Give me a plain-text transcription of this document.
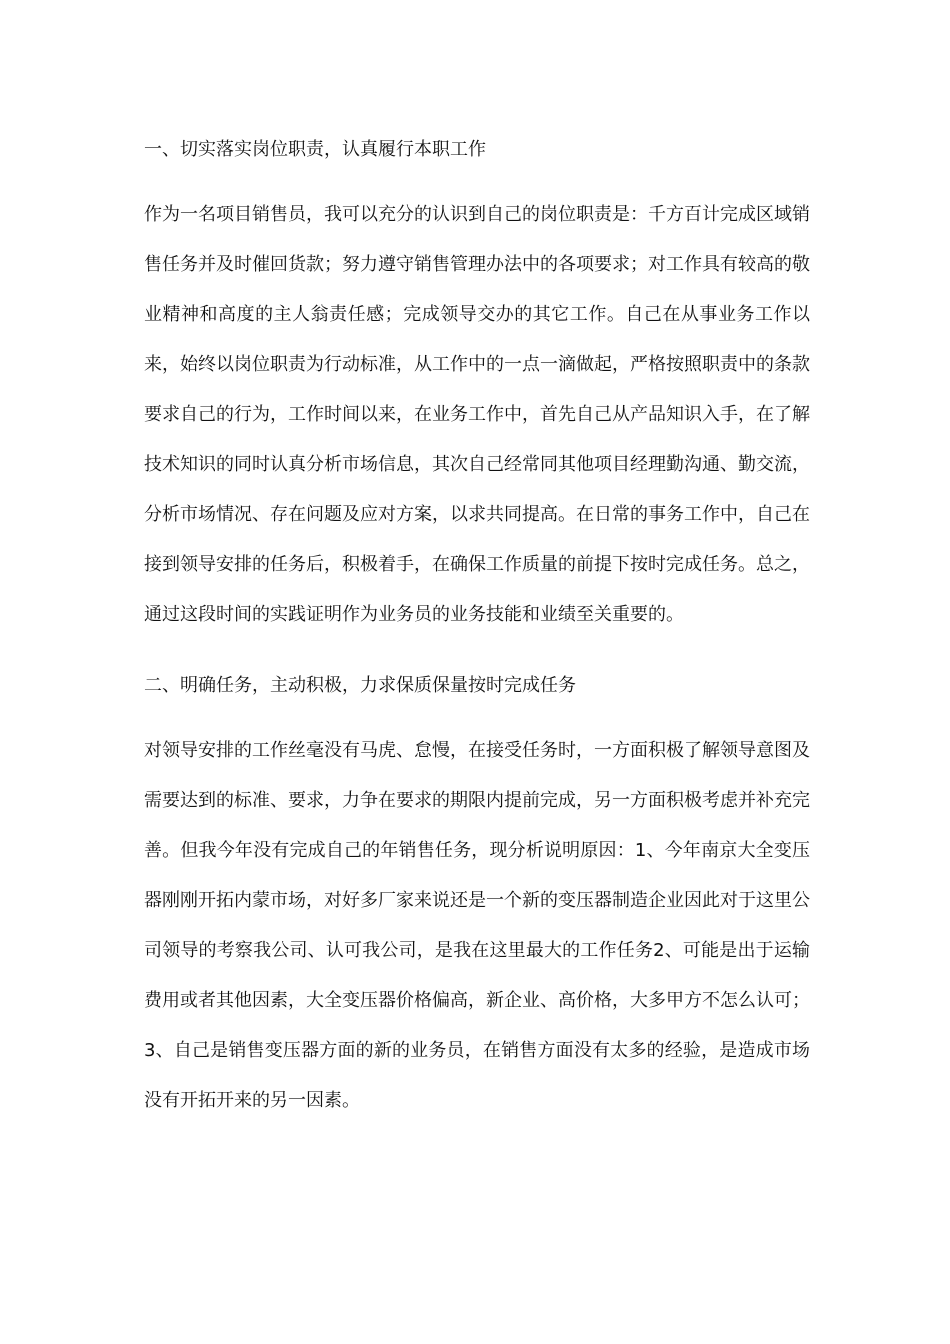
一、切实落实岗位职责，认真履行本职工作

作为一名项目销售员，我可以充分的认识到自己的岗位职责是：千方百计完成区域销售任务并及时催回货款；努力遵守销售管理办法中的各项要求；对工作具有较高的敬业精神和高度的主人翁责任感；完成领导交办的其它工作。自己在从事业务工作以来，始终以岗位职责为行动标准，从工作中的一点一滴做起，严格按照职责中的条款要求自己的行为，工作时间以来，在业务工作中，首先自己从产品知识入手，在了解技术知识的同时认真分析市场信息，其次自己经常同其他项目经理勤沟通、勤交流，分析市场情况、存在问题及应对方案，以求共同提高。在日常的事务工作中，自己在接到领导安排的任务后，积极着手，在确保工作质量的前提下按时完成任务。总之，通过这段时间的实践证明作为业务员的业务技能和业绩至关重要的。

二、明确任务，主动积极，力求保质保量按时完成任务

对领导安排的工作丝毫没有马虎、怠慢，在接受任务时，一方面积极了解领导意图及需要达到的标准、要求，力争在要求的期限内提前完成，另一方面积极考虑并补充完善。但我今年没有完成自己的年销售任务，现分析说明原因：1、今年南京大全变压器刚刚开拓内蒙市场，对好多厂家来说还是一个新的变压器制造企业因此对于这里公司领导的考察我公司、认可我公司，是我在这里最大的工作任务2、可能是出于运输费用或者其他因素，大全变压器价格偏高，新企业、高价格，大多甲方不怎么认可；3、自己是销售变压器方面的新的业务员，在销售方面没有太多的经验，是造成市场没有开拓开来的另一因素。
